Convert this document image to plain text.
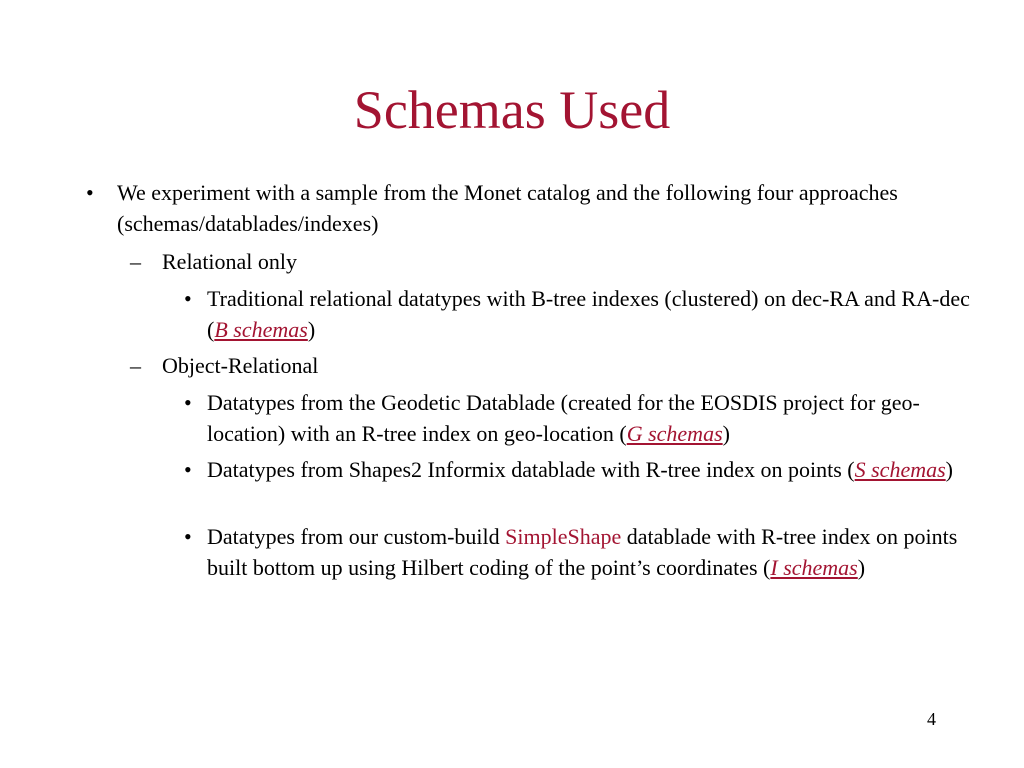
Schemas Used
• We experiment with a sample from the Monet catalog and the following four approaches (schemas/datablades/indexes)
– Relational only
• Traditional relational datatypes with B-tree indexes (clustered) on dec-RA and RA-dec (B schemas)
– Object-Relational
• Datatypes from the Geodetic Datablade (created for the EOSDIS project for geo-location) with an R-tree index on geo-location (G schemas)
• Datatypes from Shapes2 Informix datablade with R-tree index on points (S schemas)
• Datatypes from our custom-build SimpleShape datablade with R-tree index on points built bottom up using Hilbert coding of the point’s coordinates (I schemas)
4
